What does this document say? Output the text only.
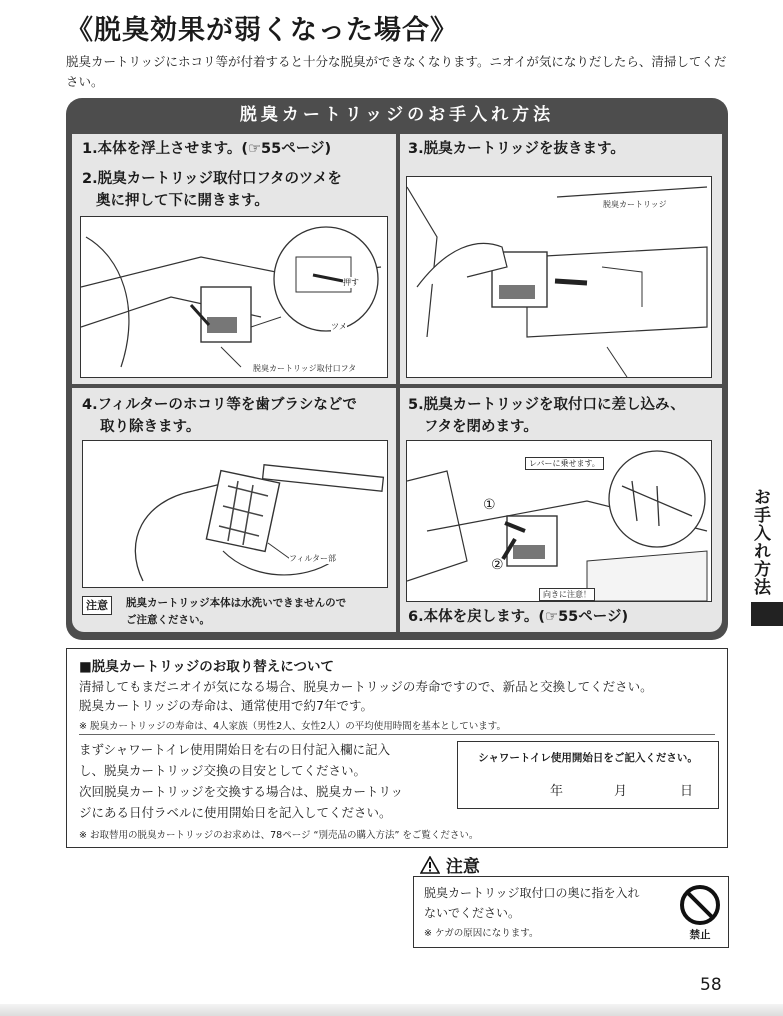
《脱臭効果が弱くなった場合》
脱臭カートリッジにホコリ等が付着すると十分な脱臭ができなくなります。ニオイが気になりだしたら、清掃してください。
脱臭カートリッジのお手入れ方法
1.本体を浮上させます。(☞55ページ)
2.脱臭カートリッジ取付口フタのツメを
奥に押して下に開きます。
押す
ツメ
脱臭カートリッジ取付口フタ
3.脱臭カートリッジを抜きます。
脱臭カートリッジ
4.フィルターのホコリ等を歯ブラシなどで
取り除きます。
フィルター部
注意	脱臭カートリッジ本体は水洗いできませんので
ご注意ください。
5.脱臭カートリッジを取付口に差し込み、
フタを閉めます。
レバーに乗せます。
向きに注意！
①
②
6.本体を戻します。(☞55ページ)
■脱臭カートリッジのお取り替えについて
清掃してもまだニオイが気になる場合、脱臭カートリッジの寿命ですので、新品と交換してください。
脱臭カートリッジの寿命は、通常使用で約7年です。
※ 脱臭カートリッジの寿命は、4人家族（男性2人、女性2人）の平均使用時間を基本としています。
まずシャワートイレ使用開始日を右の日付記入欄に記入
し、脱臭カートリッジ交換の目安としてください。
次回脱臭カートリッジを交換する場合は、脱臭カートリッ
ジにある日付ラベルに使用開始日を記入してください。
シャワートイレ使用開始日をご記入ください。
年	月	日
※ お取替用の脱臭カートリッジのお求めは、78ページ “別売品の購入方法” をご覧ください。
注意
脱臭カートリッジ取付口の奥に指を入れ
ないでください。
※ ケガの原因になります。	禁止
お手入れ方法
58
